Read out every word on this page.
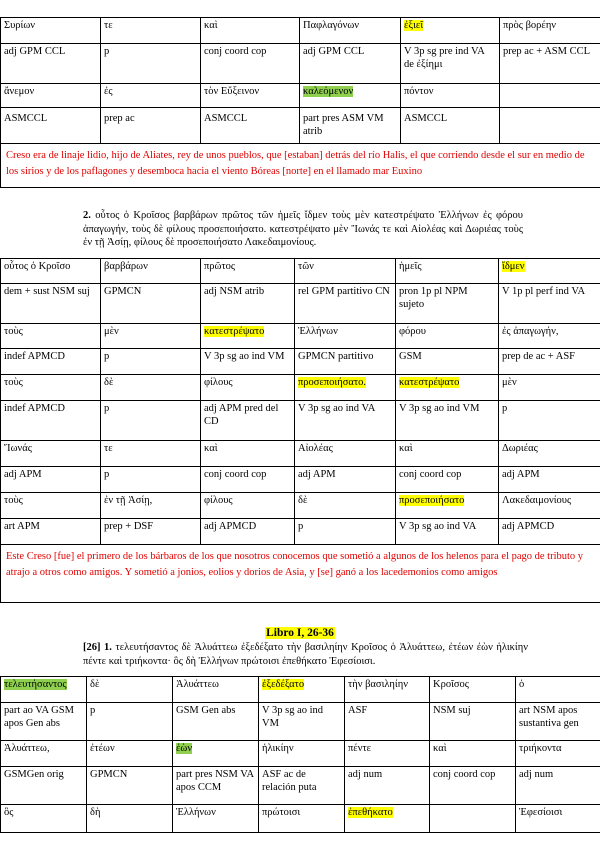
Συρίων	τε	καὶ	Παφλαγόνων	ἐξιεῖ	πρὸς βορέην
adj GPM CCL	p	conj coord cop	adj GPM CCL	V 3p sg pre ind VA de ἐξίημι	prep ac + ASM CCL
ἄνεμον	ἐς	τὸν Εὔξεινον	καλεόμενον	πόντον	
ASMCCL	prep ac	ASMCCL	part pres ASM VM atrib	ASMCCL	
Creso era de linaje lidio, hijo de Aliates, rey de unos pueblos, que [estaban] detrás del río Halis, el que corriendo desde el sur en medio de los sirios y de los paflagones y desemboca hacia el viento Bóreas [norte] en el llamado mar Euxino					
2. οὗτος ὁ Κροῖσος βαρβάρων πρῶτος τῶν ἡμεῖς ἴδμεν τοὺς μὲν κατεστρέψατο Ἑλλήνων ἐς φόρου ἀπαγωγήν, τοὺς δὲ φίλους προσεποιήσατο. κατεστρέψατο μὲν Ἴωνάς τε καὶ Αἰολέας καὶ Δωριέας τοὺς ἐν τῇ Ἀσίῃ, φίλους δὲ προσεποιήσατο Λακεδαιμονίους.
οὗτος ὁ Κροῖσο	βαρβάρων	πρῶτος	τῶν	ἡμεῖς	ἴδμεν
dem + sust NSM suj	GPMCN	adj NSM atrib	rel GPM partitivo CN	pron 1p pl NPM sujeto	V 1p pl perf ind VA
τοὺς	μὲν	κατεστρέψατο	Ἑλλήνων	φόρου	ἐς ἀπαγωγήν,
indef APMCD	p	V 3p sg ao ind VM	GPMCN partitivo	GSM	prep de ac + ASF
τοὺς	δὲ	φίλους	προσεποιήσατο.	κατεστρέψατο	μὲν
indef APMCD	p	adj APM pred del CD	V 3p sg ao ind VA	V 3p sg ao ind VM	p
Ἴωνάς	τε	καὶ	Αἰολέας	καὶ	Δωριέας
adj APM	p	conj coord cop	adj APM	conj coord cop	adj APM
τοὺς	ἐν τῇ Ἀσίῃ,	φίλους	δὲ	προσεποιήσατο	Λακεδαιμονίους
art APM	prep + DSF	adj APMCD	p	V 3p sg ao ind VA	adj APMCD
Este Creso [fue] el primero de los bárbaros de los que nosotros conocemos que sometió a algunos de los helenos para el pago de tributo y atrajo a otros como amigos. Y sometió a jonios, eolios y dorios de Asia, y [se] ganó a los lacedemonios como amigos					
Libro I, 26-36
[26] 1. τελευτήσαντος δὲ Ἀλυάττεω ἐξεδέξατο τὴν βασιληίην Κροῖσος ὁ Ἀλυάττεω, ἐτέων ἐὼν ἡλικίην πέντε καὶ τριήκοντα· ὃς δὴ Ἑλλήνων πρώτοισι ἐπεθήκατο Ἐφεσίοισι.
τελευτήσαντος	δὲ	Ἀλυάττεω	ἐξεδέξατο	τὴν βασιληίην	Κροῖσος	ὁ
part ao VA GSM apos Gen abs	p	GSM Gen abs	V 3p sg ao ind VM	ASF	NSM suj	art NSM apos sustantiva gen
Ἀλυάττεω,	ἐτέων	ἐὼν	ἡλικίην	πέντε	καὶ	τριήκοντα
GSMGen orig	GPMCN	part pres NSM VA apos CCM	ASF ac de relación puta	adj num	conj coord cop	adj num
ὃς	δὴ	Ἑλλήνων	πρώτοισι	ἐπεθήκατο		Ἐφεσίοισι
